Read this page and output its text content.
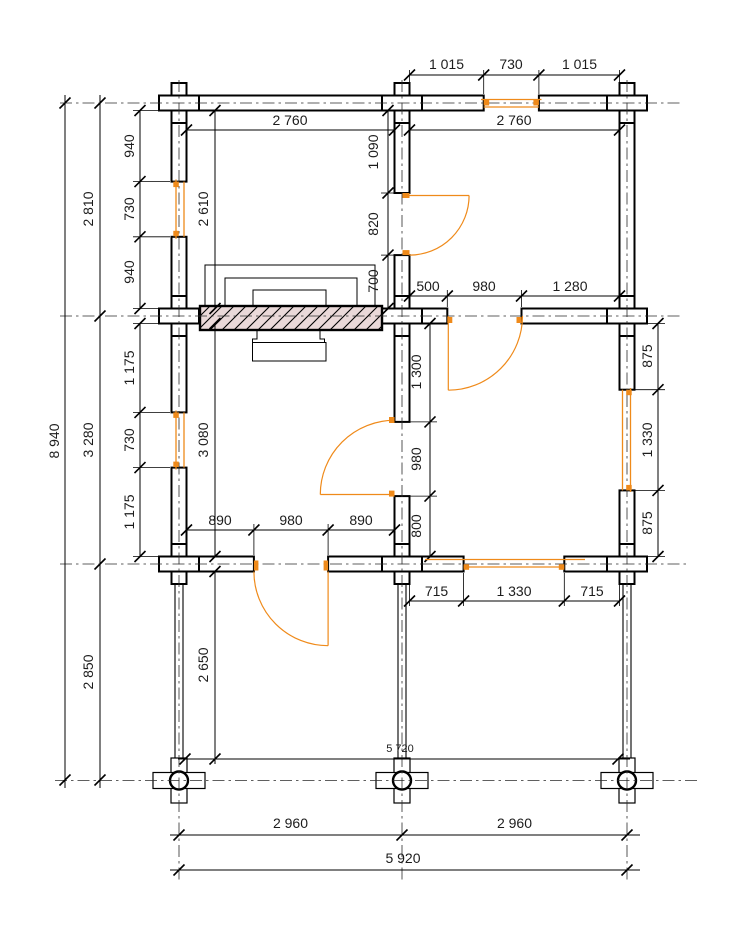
1 015	730	1 015
2 760	2 760
500 980	1 280
890	980	890
715	1 330	715
5 720
2 960	2 960
5 920
8 940
2 810
3 280
2 850
940
730
940
1 175
730
1 175
2 610
3 080
2 650
1 090
820
700
1 300
980
800
875
1 330
875
